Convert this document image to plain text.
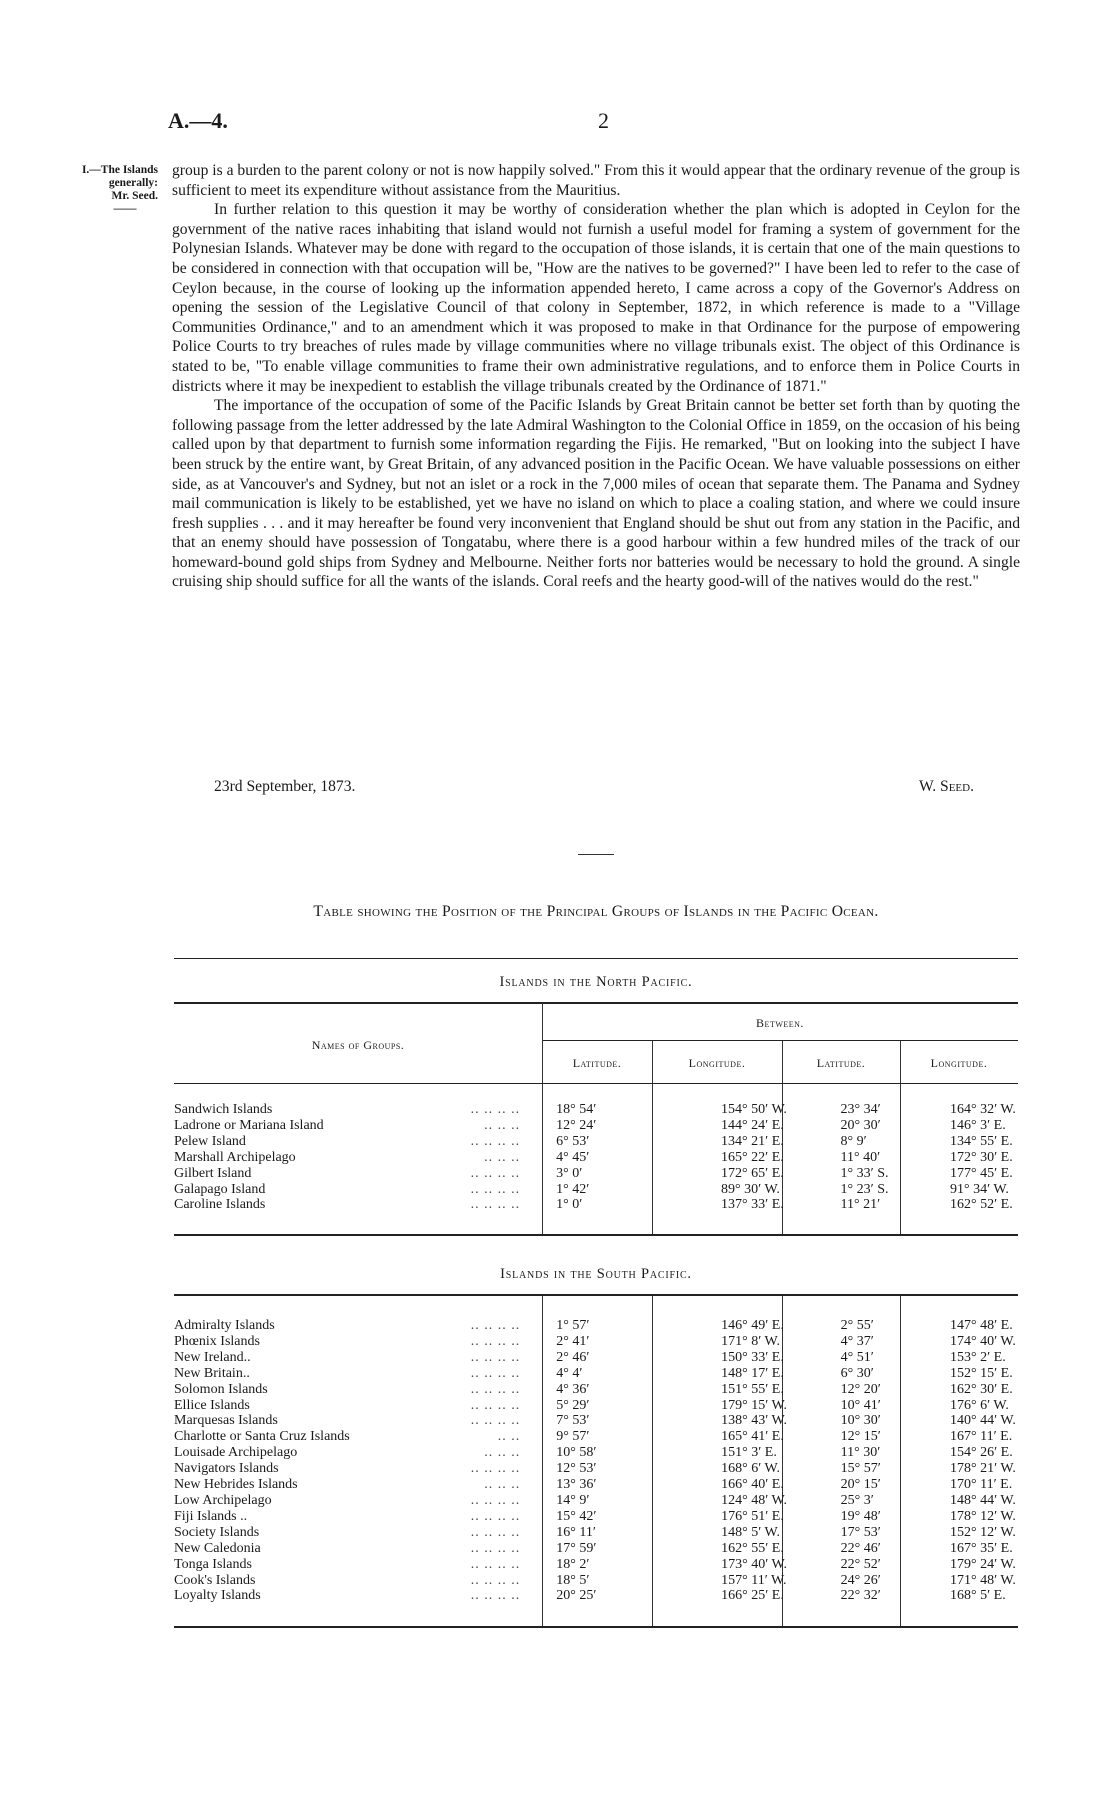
A.—4.	2
I.—The Islands
generally:
Mr. Seed.

——

group is a burden to the parent colony or not is now happily solved." From this it would appear that the ordinary revenue of the group is sufficient to meet its expenditure without assistance from the Mauritius.

In further relation to this question it may be worthy of consideration whether the plan which is adopted in Ceylon for the government of the native races inhabiting that island would not furnish a useful model for framing a system of government for the Polynesian Islands. Whatever may be done with regard to the occupation of those islands, it is certain that one of the main questions to be considered in connection with that occupation will be, "How are the natives to be governed?" I have been led to refer to the case of Ceylon because, in the course of looking up the information appended hereto, I came across a copy of the Governor's Address on opening the session of the Legislative Council of that colony in September, 1872, in which reference is made to a "Village Communities Ordinance," and to an amendment which it was proposed to make in that Ordinance for the purpose of empowering Police Courts to try breaches of rules made by village communities where no village tribunals exist. The object of this Ordinance is stated to be, "To enable village communities to frame their own administrative regulations, and to enforce them in Police Courts in districts where it may be inexpedient to establish the village tribunals created by the Ordinance of 1871."

The importance of the occupation of some of the Pacific Islands by Great Britain cannot be better set forth than by quoting the following passage from the letter addressed by the late Admiral Washington to the Colonial Office in 1859, on the occasion of his being called upon by that department to furnish some information regarding the Fijis. He remarked, "But on looking into the subject I have been struck by the entire want, by Great Britain, of any advanced position in the Pacific Ocean. We have valuable possessions on either side, as at Vancouver's and Sydney, but not an islet or a rock in the 7,000 miles of ocean that separate them. The Panama and Sydney mail communication is likely to be established, yet we have no island on which to place a coaling station, and where we could insure fresh supplies . . . and it may hereafter be found very inconvenient that England should be shut out from any station in the Pacific, and that an enemy should have possession of Tongatabu, where there is a good harbour within a few hundred miles of the track of our homeward-bound gold ships from Sydney and Melbourne. Neither forts nor batteries would be necessary to hold the ground. A single cruising ship should suffice for all the wants of the islands. Coral reefs and the hearty good-will of the natives would do the rest."

23rd September, 1873.	W. Seed.
Table showing the Position of the Principal Groups of Islands in the Pacific Ocean.
Islands in the North Pacific.
Names of Groups.
Between.
Latitude.	Longitude.	Latitude.	Longitude.
Sandwich Islands .. .. .. ..	18° 54′	154° 50′ W.	23° 34′	164° 32′ W.
Ladrone or Mariana Island .. .. ..	12° 24′	144° 24′ E.	20° 30′	146° 3′ E.
Pelew Island .. .. .. ..	6° 53′	134° 21′ E.	8° 9′	134° 55′ E.
Marshall Archipelago .. .. ..	4° 45′	165° 22′ E.	11° 40′	172° 30′ E.
Gilbert Island .. .. .. ..	3° 0′	172° 65′ E.	1° 33′ S.	177° 45′ E.
Galapago Island .. .. .. ..	1° 42′	89° 30′ W.	1° 23′ S.	91° 34′ W.
Caroline Islands .. .. .. ..	1° 0′	137° 33′ E.	11° 21′	162° 52′ E.
Islands in the South Pacific.
Admiralty Islands .. .. .. ..	1° 57′	146° 49′ E.	2° 55′	147° 48′ E.
Phœnix Islands .. .. .. ..	2° 41′	171° 8′ W.	4° 37′	174° 40′ W.
New Ireland.. .. .. .. ..	2° 46′	150° 33′ E.	4° 51′	153° 2′ E.
New Britain.. .. .. .. ..	4° 4′	148° 17′ E.	6° 30′	152° 15′ E.
Solomon Islands .. .. .. ..	4° 36′	151° 55′ E.	12° 20′	162° 30′ E.
Ellice Islands .. .. .. ..	5° 29′	179° 15′ W.	10° 41′	176° 6′ W.
Marquesas Islands .. .. .. ..	7° 53′	138° 43′ W.	10° 30′	140° 44′ W.
Charlotte or Santa Cruz Islands .. ..	9° 57′	165° 41′ E.	12° 15′	167° 11′ E.
Louisade Archipelago .. .. ..	10° 58′	151° 3′ E.	11° 30′	154° 26′ E.
Navigators Islands .. .. .. ..	12° 53′	168° 6′ W.	15° 57′	178° 21′ W.
New Hebrides Islands .. .. ..	13° 36′	166° 40′ E.	20° 15′	170° 11′ E.
Low Archipelago .. .. .. ..	14° 9′	124° 48′ W.	25° 3′	148° 44′ W.
Fiji Islands .. .. .. .. ..	15° 42′	176° 51′ E.	19° 48′	178° 12′ W.
Society Islands .. .. .. ..	16° 11′	148° 5′ W.	17° 53′	152° 12′ W.
New Caledonia .. .. .. ..	17° 59′	162° 55′ E.	22° 46′	167° 35′ E.
Tonga Islands .. .. .. ..	18° 2′	173° 40′ W.	22° 52′	179° 24′ W.
Cook's Islands .. .. .. ..	18° 5′	157° 11′ W.	24° 26′	171° 48′ W.
Loyalty Islands .. .. .. ..	20° 25′	166° 25′ E.	22° 32′	168° 5′ E.
